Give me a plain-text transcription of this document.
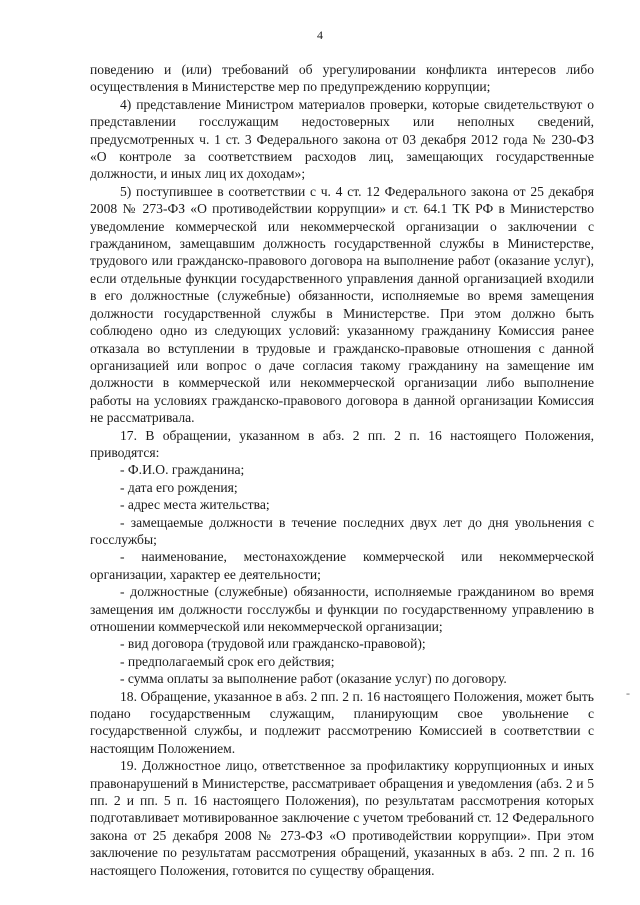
4

поведению и (или) требований об урегулировании конфликта интересов либо осуществления в Министерстве мер по предупреждению коррупции;

4) представление Министром материалов проверки, которые свидетельствуют о представлении госслужащим недостоверных или неполных сведений, предусмотренных ч. 1 ст. 3 Федерального закона от 03 декабря 2012 года № 230-ФЗ «О контроле за соответствием расходов лиц, замещающих государственные должности, и иных лиц их доходам»;

5) поступившее в соответствии с ч. 4 ст. 12 Федерального закона от 25 декабря 2008 № 273-ФЗ «О противодействии коррупции» и ст. 64.1 ТК РФ в Министерство уведомление коммерческой или некоммерческой организации о заключении с гражданином, замещавшим должность государственной службы в Министерстве, трудового или гражданско-правового договора на выполнение работ (оказание услуг), если отдельные функции государственного управления данной организацией входили в его должностные (служебные) обязанности, исполняемые во время замещения должности государственной службы в Министерстве. При этом должно быть соблюдено одно из следующих условий: указанному гражданину Комиссия ранее отказала во вступлении в трудовые и гражданско-правовые отношения с данной организацией или вопрос о даче согласия такому гражданину на замещение им должности в коммерческой или некоммерческой организации либо выполнение работы на условиях гражданско-правового договора в данной организации Комиссия не рассматривала.

17. В обращении, указанном в абз. 2 пп. 2 п. 16 настоящего Положения, приводятся:

- Ф.И.О. гражданина;

- дата его рождения;

- адрес места жительства;

- замещаемые должности в течение последних двух лет до дня увольнения с госслужбы;

- наименование, местонахождение коммерческой или некоммерческой организации, характер ее деятельности;

- должностные (служебные) обязанности, исполняемые гражданином во время замещения им должности госслужбы и функции по государственному управлению в отношении коммерческой или некоммерческой организации;

- вид договора (трудовой или гражданско-правовой);

- предполагаемый срок его действия;

- сумма оплаты за выполнение работ (оказание услуг) по договору.

18. Обращение, указанное в абз. 2 пп. 2 п. 16 настоящего Положения, может быть подано государственным служащим, планирующим свое увольнение с государственной службы, и подлежит рассмотрению Комиссией в соответствии с настоящим Положением.

19. Должностное лицо, ответственное за профилактику коррупционных и иных правонарушений в Министерстве, рассматривает обращения и уведомления (абз. 2 и 5 пп. 2 и пп. 5 п. 16 настоящего Положения), по результатам рассмотрения которых подготавливает мотивированное заключение с учетом требований ст. 12 Федерального закона от 25 декабря 2008 № 273-ФЗ «О противодействии коррупции». При этом заключение по результатам рассмотрения обращений, указанных в абз. 2 пп. 2 п. 16 настоящего Положения, готовится по существу обращения.

-
